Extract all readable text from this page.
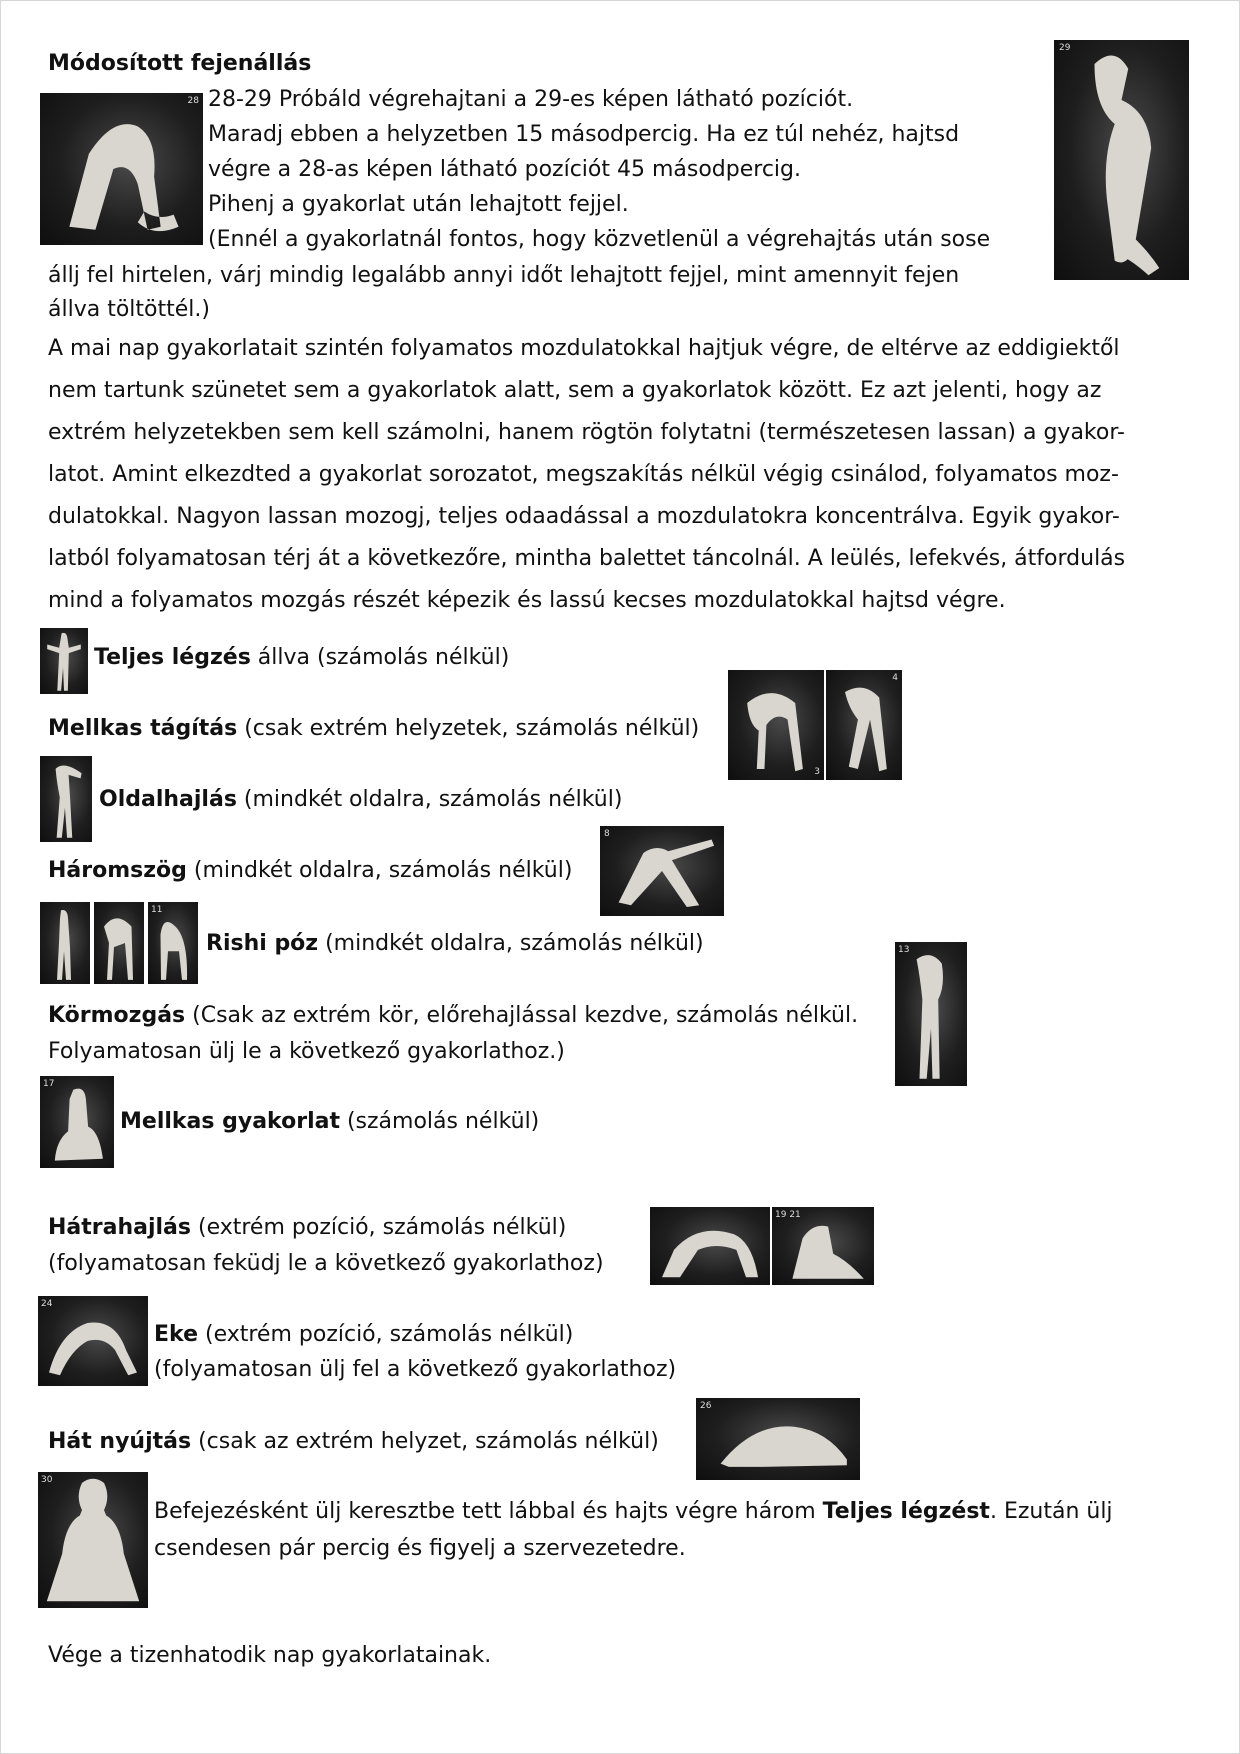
Módosított fejenállás
28-29 Próbáld végrehajtani a 29-es képen látható pozíciót.
Maradj ebben a helyzetben 15 másodpercig. Ha ez túl nehéz, hajtsd
végre a 28-as képen látható pozíciót 45 másodpercig.
Pihenj a gyakorlat után lehajtott fejjel.
(Ennél a gyakorlatnál fontos, hogy közvetlenül a végrehajtás után sose
állj fel hirtelen, várj mindig legalább annyi időt lehajtott fejjel, mint amennyit fejen
állva töltöttél.)
28
29
A mai nap gyakorlatait szintén folyamatos mozdulatokkal hajtjuk végre, de eltérve az eddigiektől
nem tartunk szünetet sem a gyakorlatok alatt, sem a gyakorlatok között. Ez azt jelenti, hogy az
extrém helyzetekben sem kell számolni, hanem rögtön folytatni (természetesen lassan) a gyakor-
latot. Amint elkezdted a gyakorlat sorozatot, megszakítás nélkül végig csinálod, folyamatos moz-
dulatokkal. Nagyon lassan mozogj, teljes odaadással a mozdulatokra koncentrálva. Egyik gyakor-
latból folyamatosan térj át a következőre, mintha balettet táncolnál. A leülés, lefekvés, átfordulás
mind a folyamatos mozgás részét képezik és lassú kecses mozdulatokkal hajtsd végre.
Teljes légzés állva (számolás nélkül)
Mellkas tágítás (csak extrém helyzetek, számolás nélkül)
3
4
Oldalhajlás (mindkét oldalra, számolás nélkül)
Háromszög (mindkét oldalra, számolás nélkül)
8
11
Rishi póz (mindkét oldalra, számolás nélkül)
Körmozgás (Csak az extrém kör, előrehajlással kezdve, számolás nélkül.
Folyamatosan ülj le a következő gyakorlathoz.)
13
17
Mellkas gyakorlat (számolás nélkül)
Hátrahajlás (extrém pozíció, számolás nélkül)
(folyamatosan feküdj le a következő gyakorlathoz)
19 21
24
Eke (extrém pozíció, számolás nélkül)
(folyamatosan ülj fel a következő gyakorlathoz)
Hát nyújtás (csak az extrém helyzet, számolás nélkül)
26
30
Befejezésként ülj keresztbe tett lábbal és hajts végre három Teljes légzést. Ezután ülj
csendesen pár percig és figyelj a szervezetedre.
Vége a tizenhatodik nap gyakorlatainak.
